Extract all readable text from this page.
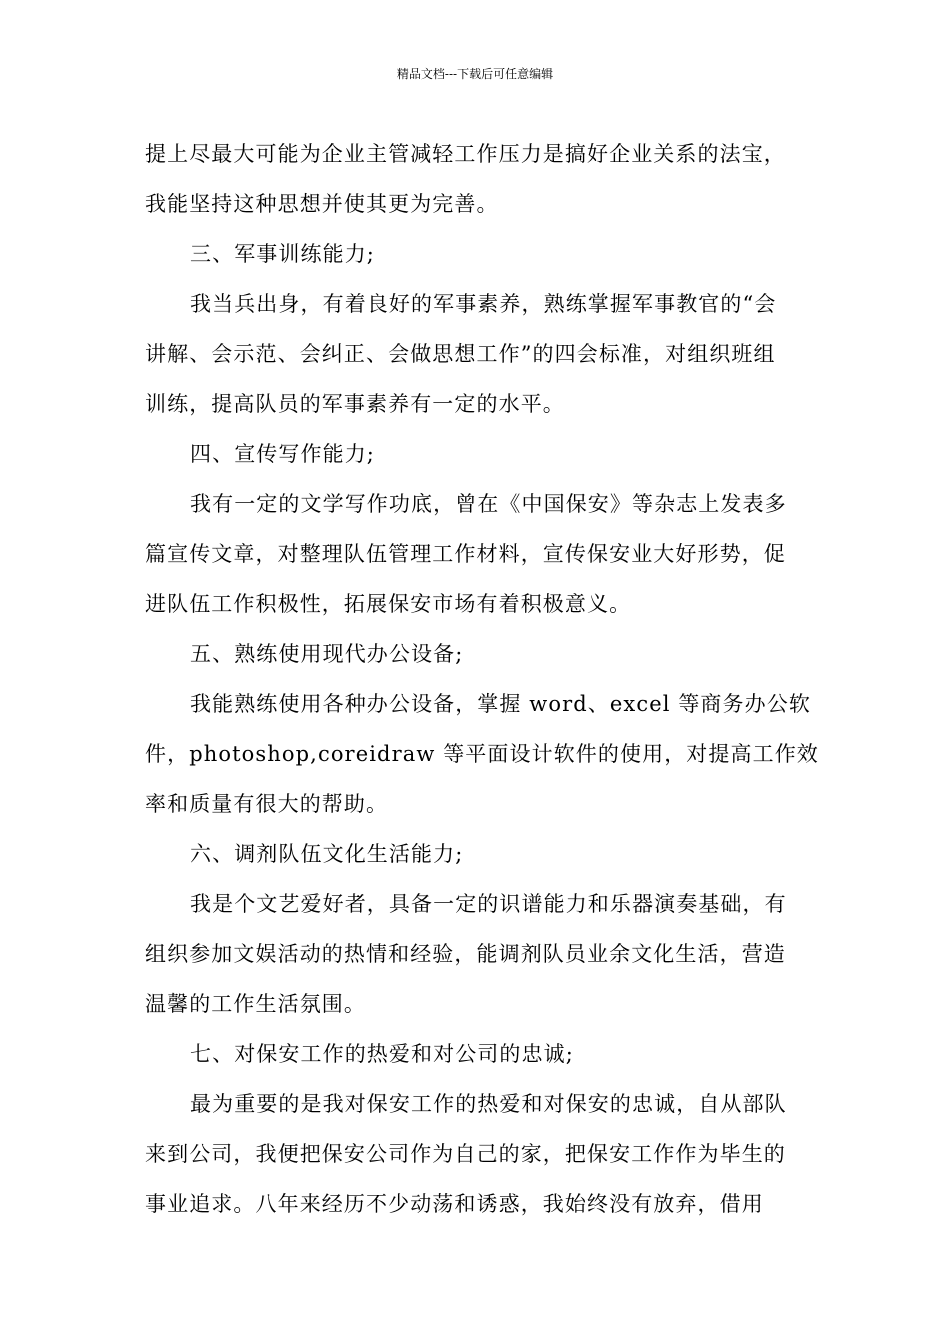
精品文档---下载后可任意编辑
提上尽最大可能为企业主管减轻工作压力是搞好企业关系的法宝，
我能坚持这种思想并使其更为完善。
三、军事训练能力;
我当兵出身，有着良好的军事素养，熟练掌握军事教官的“会
讲解、会示范、会纠正、会做思想工作”的四会标准，对组织班组
训练，提高队员的军事素养有一定的水平。
四、宣传写作能力;
我有一定的文学写作功底，曾在《中国保安》等杂志上发表多
篇宣传文章，对整理队伍管理工作材料，宣传保安业大好形势，促
进队伍工作积极性，拓展保安市场有着积极意义。
五、熟练使用现代办公设备;
我能熟练使用各种办公设备，掌握 word、excel 等商务办公软
件，photoshop,coreidraw 等平面设计软件的使用，对提高工作效
率和质量有很大的帮助。
六、调剂队伍文化生活能力;
我是个文艺爱好者，具备一定的识谱能力和乐器演奏基础，有
组织参加文娱活动的热情和经验，能调剂队员业余文化生活，营造
温馨的工作生活氛围。
七、对保安工作的热爱和对公司的忠诚;
最为重要的是我对保安工作的热爱和对保安的忠诚，自从部队
来到公司，我便把保安公司作为自己的家，把保安工作作为毕生的
事业追求。八年来经历不少动荡和诱惑，我始终没有放弃，借用
